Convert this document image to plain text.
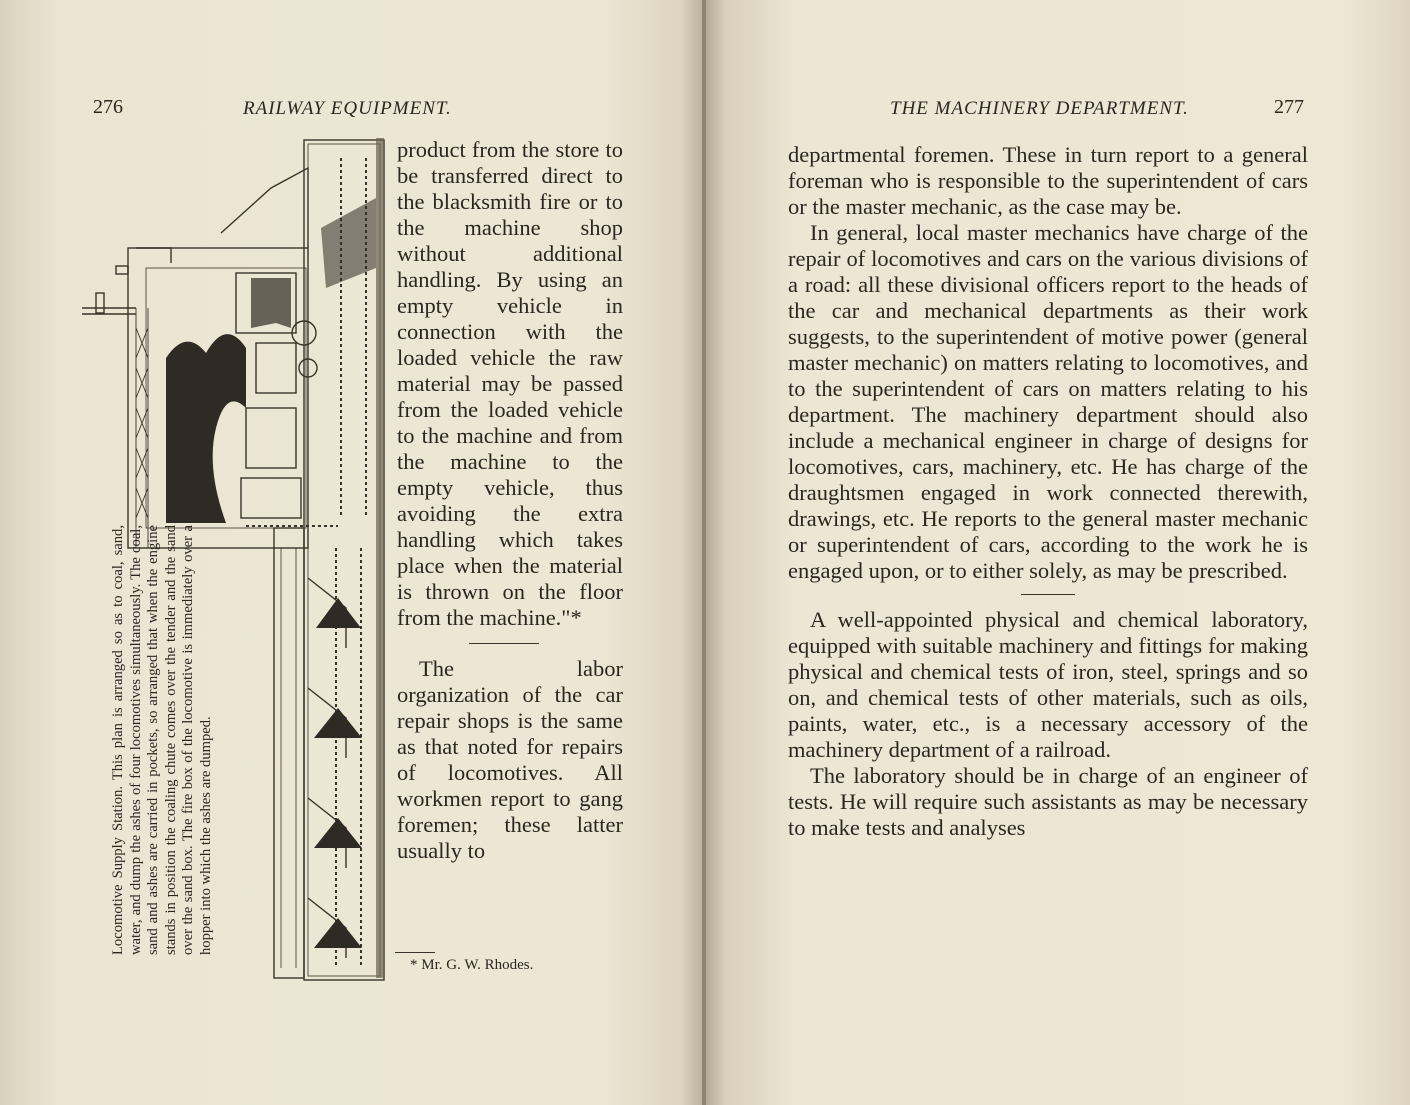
276	RAILWAY EQUIPMENT.
Locomotive Supply Station. This plan is arranged so as to coal, sand, water, and dump the ashes of four locomotives simultaneously. The coal, sand and ashes are carried in pockets, so arranged that when the engine stands in position the coaling chute comes over the tender and the sand over the sand box. The fire box of the locomotive is immediately over a hopper into which the ashes are dumped.

product from the store to be transferred direct to the blacksmith fire or to the machine shop without additional handling. By using an empty vehicle in connection with the loaded vehicle the raw material may be passed from the loaded vehicle to the machine and from the machine to the empty vehicle, thus avoiding the extra handling which takes place when the material is thrown on the floor from the machine."*

The labor organization of the car repair shops is the same as that noted for repairs of locomotives. All workmen report to gang foremen; these latter usually to

* Mr. G. W. Rhodes.
THE MACHINERY DEPARTMENT.	277

departmental foremen. These in turn report to a general foreman who is responsible to the superintendent of cars or the master mechanic, as the case may be.

In general, local master mechanics have charge of the repair of locomotives and cars on the various divisions of a road: all these divisional officers report to the heads of the car and mechanical departments as their work suggests, to the superintendent of motive power (general master mechanic) on matters relating to locomotives, and to the superintendent of cars on matters relating to his department. The machinery department should also include a mechanical engineer in charge of designs for locomotives, cars, machinery, etc. He has charge of the draughtsmen engaged in work connected therewith, drawings, etc. He reports to the general master mechanic or superintendent of cars, according to the work he is engaged upon, or to either solely, as may be prescribed.

A well-appointed physical and chemical laboratory, equipped with suitable machinery and fittings for making physical and chemical tests of iron, steel, springs and so on, and chemical tests of other materials, such as oils, paints, water, etc., is a necessary accessory of the machinery department of a railroad.

The laboratory should be in charge of an engineer of tests. He will require such assistants as may be necessary to make tests and analyses
